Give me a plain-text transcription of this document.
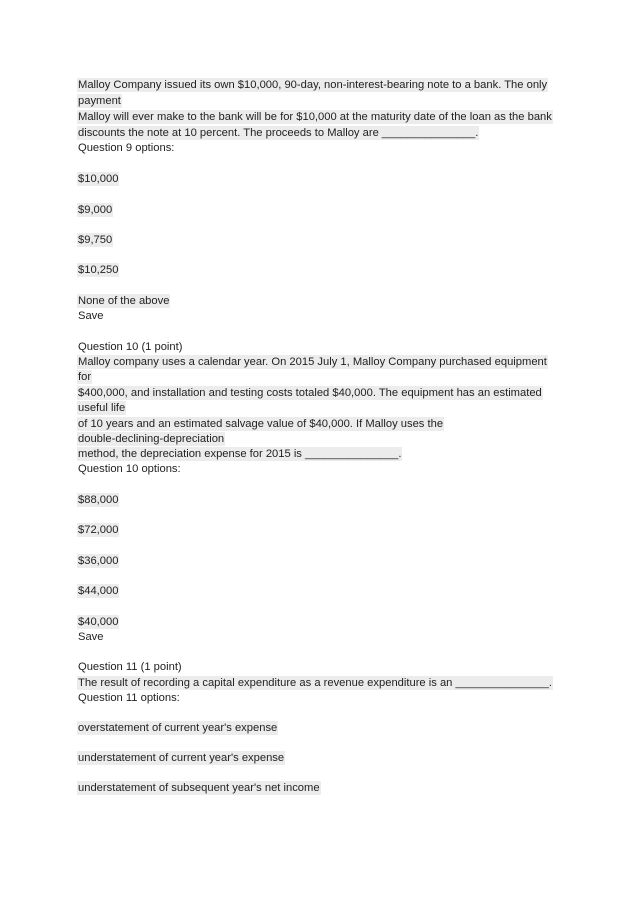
Malloy Company issued its own $10,000, 90-day, non-interest-bearing note to a bank. The only
payment
Malloy will ever make to the bank will be for $10,000 at the maturity date of the loan as the bank
discounts the note at 10 percent. The proceeds to Malloy are _______________.
Question 9 options:
$10,000
$9,000
$9,750
$10,250
None of the above
Save
Question 10 (1 point)
Malloy company uses a calendar year. On 2015 July 1, Malloy Company purchased equipment
for
$400,000, and installation and testing costs totaled $40,000. The equipment has an estimated
useful life
of 10 years and an estimated salvage value of $40,000. If Malloy uses the
double-declining-depreciation
method, the depreciation expense for 2015 is _______________.
Question 10 options:
$88,000
$72,000
$36,000
$44,000
$40,000
Save
Question 11 (1 point)
The result of recording a capital expenditure as a revenue expenditure is an _______________.
Question 11 options:
overstatement of current year's expense
understatement of current year's expense
understatement of subsequent year's net income
